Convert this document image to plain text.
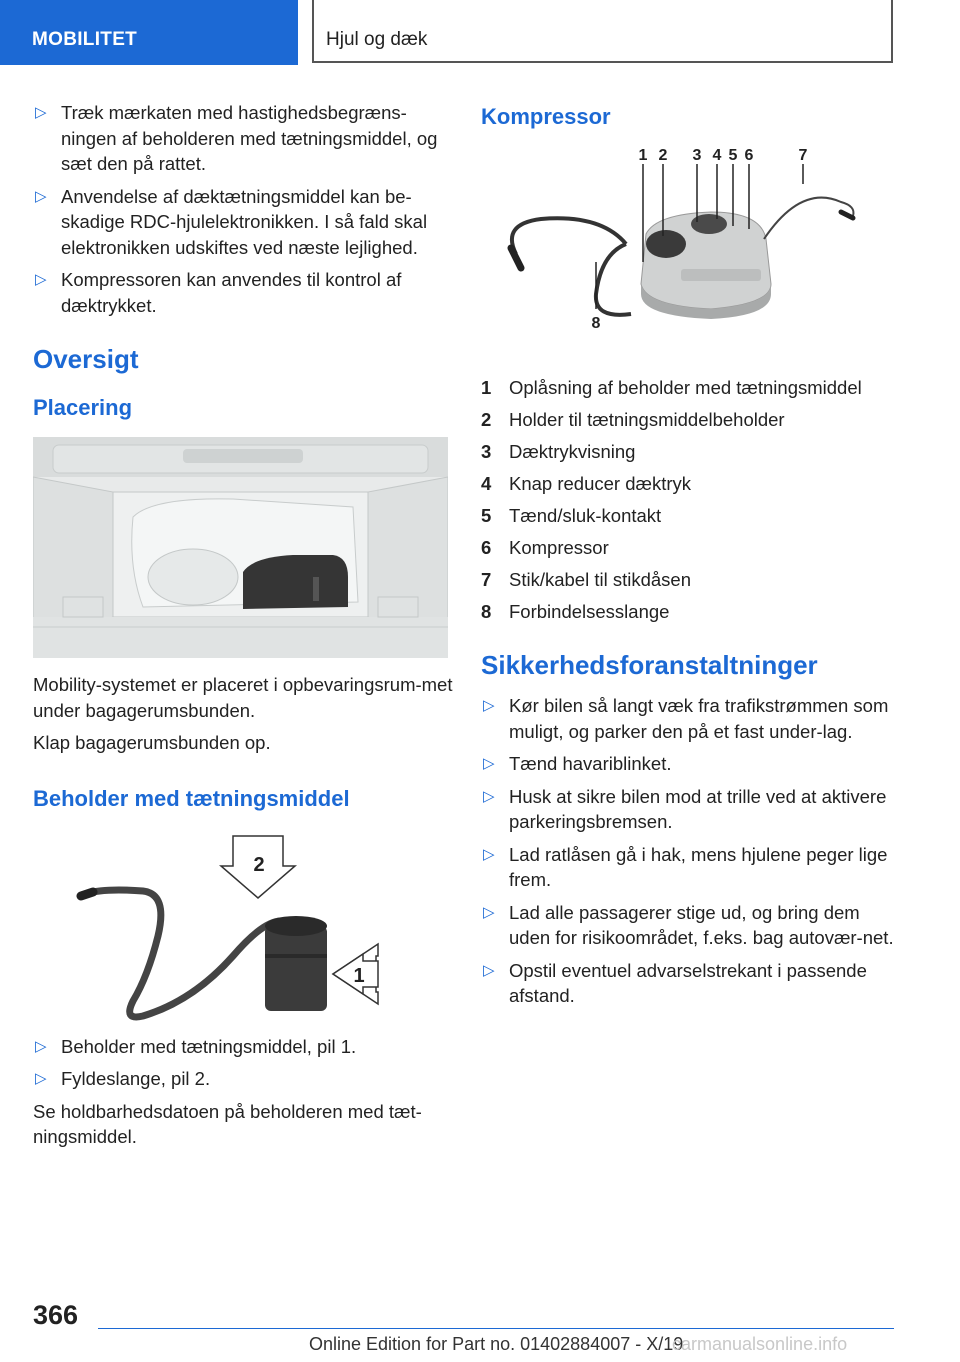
MOBILITET	Hjul og dæk
▷ Træk mærkaten med hastighedsbegræns-ningen af beholderen med tætningsmiddel, og sæt den på rattet.
▷ Anvendelse af dæktætningsmiddel kan be-skadige RDC-hjulelektronikken. I så fald skal elektronikken udskiftes ved næste lejlighed.
▷ Kompressoren kan anvendes til kontrol af dæktrykket.
Oversigt
Placering

Mobility-systemet er placeret i opbevaringsrum-met under bagagerumsbunden.

Klap bagagerumsbunden op.

Beholder med tætningsmiddel
2
1
▷ Beholder med tætningsmiddel, pil 1.
▷ Fyldeslange, pil 2.

Se holdbarhedsdatoen på beholderen med tæt-ningsmiddel.

Kompressor
1 2 3 4 5 6	7
8
1 Oplåsning af beholder med tætningsmiddel
2 Holder til tætningsmiddelbeholder
3 Dæktrykvisning
4 Knap reducer dæktryk
5 Tænd/sluk-kontakt
6 Kompressor
7 Stik/kabel til stikdåsen
8 Forbindelsesslange
Sikkerhedsforanstaltninger
▷ Kør bilen så langt væk fra trafikstrømmen som muligt, og parker den på et fast under-lag.
▷ Tænd havariblinket.
▷ Husk at sikre bilen mod at trille ved at aktivere parkeringsbremsen.
▷ Lad ratlåsen gå i hak, mens hjulene peger lige frem.
▷ Lad alle passagerer stige ud, og bring dem uden for risikoområdet, f.eks. bag autovær-net.
▷ Opstil eventuel advarselstrekant i passende afstand.
366
Online Edition for Part no. 01402884007 - X/19
carmanualsonline.info
